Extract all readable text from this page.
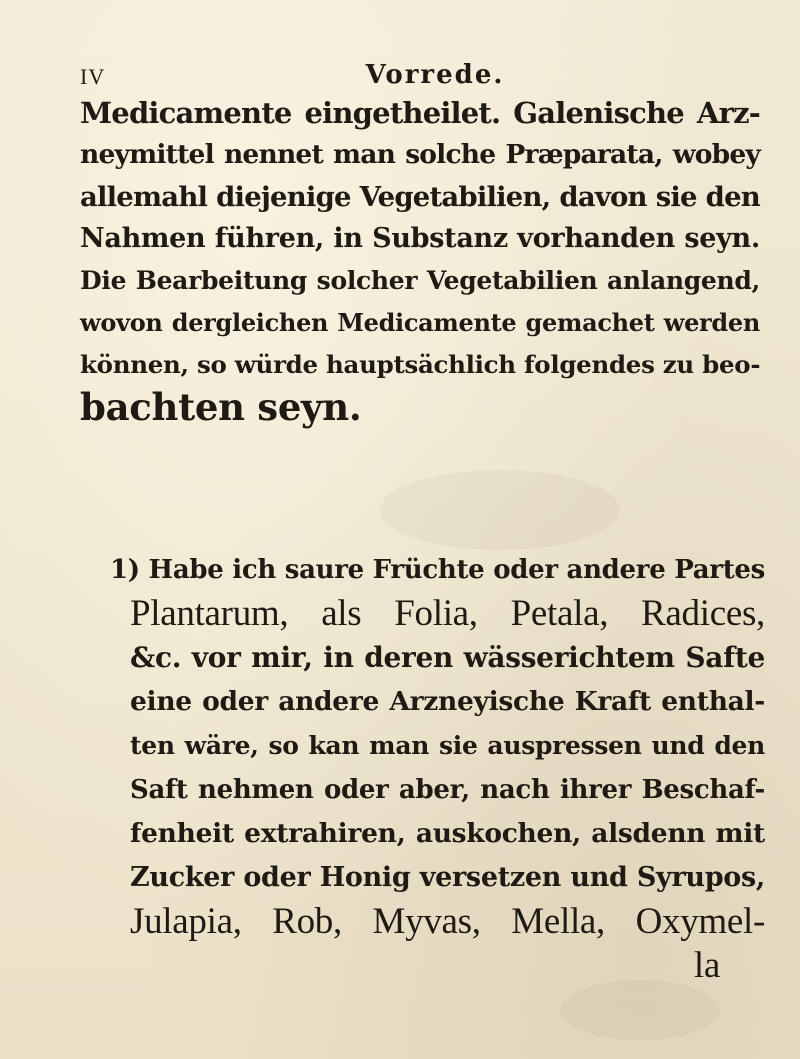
IV	Vorrede.
Medicamente eingetheilet. Galenische Arz-
neymittel nennet man solche Præparata, wobey
allemahl diejenige Vegetabilien, davon sie den
Nahmen führen, in Substanz vorhanden seyn.
Die Bearbeitung solcher Vegetabilien anlangend,
wovon dergleichen Medicamente gemachet werden
können, so würde hauptsächlich folgendes zu beo-
bachten seyn.
1) Habe ich saure Früchte oder andere Partes
Plantarum, als Folia, Petala, Radices,
&c. vor mir, in deren wässerichtem Safte
eine oder andere Arzneyische Kraft enthal-
ten wäre, so kan man sie auspressen und den
Saft nehmen oder aber, nach ihrer Beschaf-
fenheit extrahiren, auskochen, alsdenn mit
Zucker oder Honig versetzen und Syrupos,
Julapia, Rob, Myvas, Mella, Oxymel-
la
